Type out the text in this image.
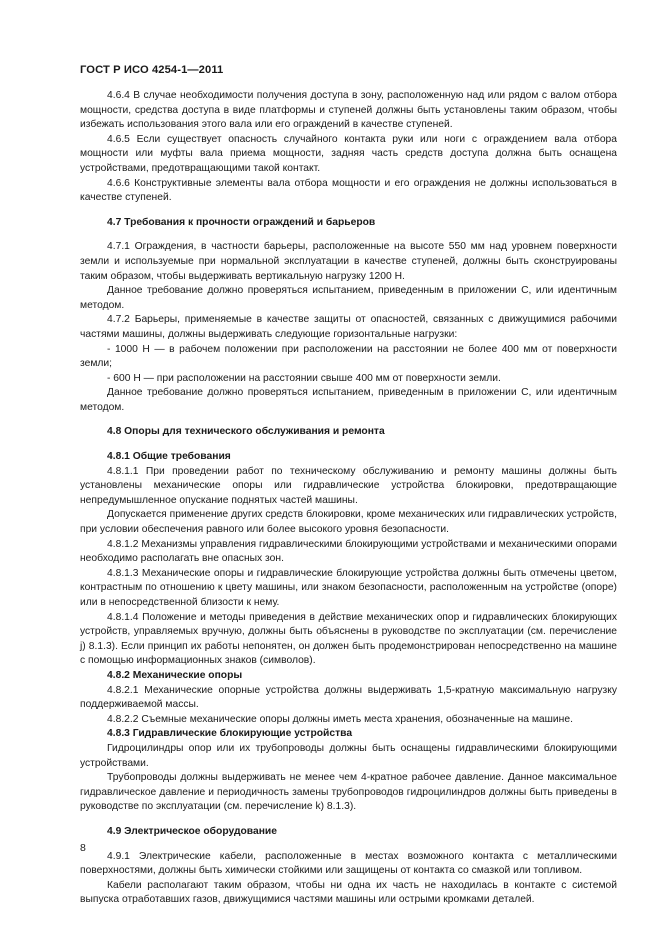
ГОСТ Р ИСО 4254-1—2011

4.6.4 В случае необходимости получения доступа в зону, расположенную над или рядом с валом отбора мощности, средства доступа в виде платформы и ступеней должны быть установлены таким образом, чтобы избежать использования этого вала или его ограждений в качестве ступеней.

4.6.5 Если существует опасность случайного контакта руки или ноги с ограждением вала отбора мощности или муфты вала приема мощности, задняя часть средств доступа должна быть оснащена устройствами, предотвращающими такой контакт.

4.6.6 Конструктивные элементы вала отбора мощности и его ограждения не должны использоваться в качестве ступеней.

4.7 Требования к прочности ограждений и барьеров

4.7.1 Ограждения, в частности барьеры, расположенные на высоте 550 мм над уровнем поверхности земли и используемые при нормальной эксплуатации в качестве ступеней, должны быть сконструированы таким образом, чтобы выдерживать вертикальную нагрузку 1200 Н.

Данное требование должно проверяться испытанием, приведенным в приложении С, или идентичным методом.

4.7.2 Барьеры, применяемые в качестве защиты от опасностей, связанных с движущимися рабочими частями машины, должны выдерживать следующие горизонтальные нагрузки:

- 1000 Н — в рабочем положении при расположении на расстоянии не более 400 мм от поверхности земли;

- 600 Н — при расположении на расстоянии свыше 400 мм от поверхности земли.

Данное требование должно проверяться испытанием, приведенным в приложении С, или идентичным методом.

4.8 Опоры для технического обслуживания и ремонта

4.8.1 Общие требования

4.8.1.1 При проведении работ по техническому обслуживанию и ремонту машины должны быть установлены механические опоры или гидравлические устройства блокировки, предотвращающие непредумышленное опускание поднятых частей машины.

Допускается применение других средств блокировки, кроме механических или гидравлических устройств, при условии обеспечения равного или более высокого уровня безопасности.

4.8.1.2 Механизмы управления гидравлическими блокирующими устройствами и механическими опорами необходимо располагать вне опасных зон.

4.8.1.3 Механические опоры и гидравлические блокирующие устройства должны быть отмечены цветом, контрастным по отношению к цвету машины, или знаком безопасности, расположенным на устройстве (опоре) или в непосредственной близости к нему.

4.8.1.4 Положение и методы приведения в действие механических опор и гидравлических блокирующих устройств, управляемых вручную, должны быть объяснены в руководстве по эксплуатации (см. перечисление j) 8.1.3). Если принцип их работы непонятен, он должен быть продемонстрирован непосредственно на машине с помощью информационных знаков (символов).

4.8.2 Механические опоры

4.8.2.1 Механические опорные устройства должны выдерживать 1,5-кратную максимальную нагрузку поддерживаемой массы.

4.8.2.2 Съемные механические опоры должны иметь места хранения, обозначенные на машине.

4.8.3 Гидравлические блокирующие устройства

Гидроцилиндры опор или их трубопроводы должны быть оснащены гидравлическими блокирующими устройствами.

Трубопроводы должны выдерживать не менее чем 4-кратное рабочее давление. Данное максимальное гидравлическое давление и периодичность замены трубопроводов гидроцилиндров должны быть приведены в руководстве по эксплуатации (см. перечисление k) 8.1.3).

4.9 Электрическое оборудование

4.9.1 Электрические кабели, расположенные в местах возможного контакта с металлическими поверхностями, должны быть химически стойкими или защищены от контакта со смазкой или топливом.

Кабели располагают таким образом, чтобы ни одна их часть не находилась в контакте с системой выпуска отработавших газов, движущимися частями машины или острыми кромками деталей.

8
